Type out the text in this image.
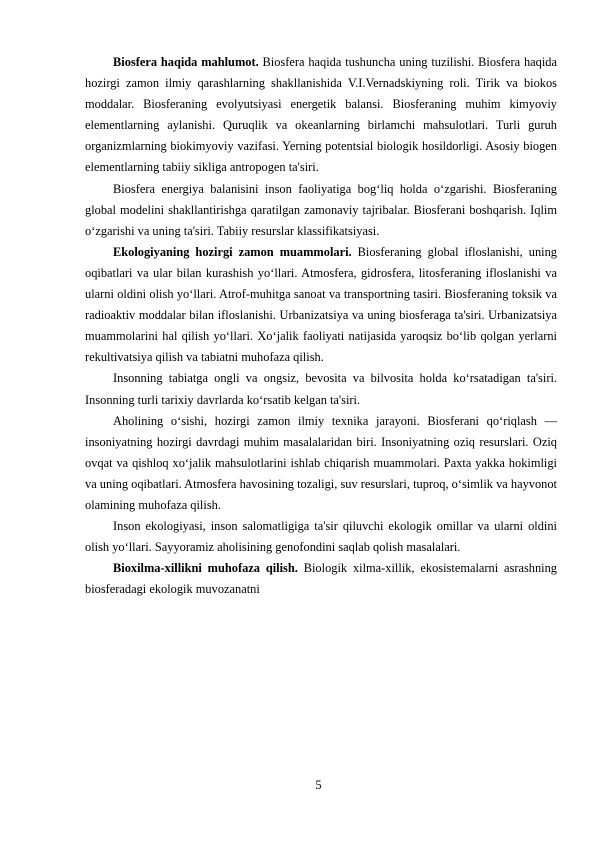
Biosfera haqida mahlumot. Biosfera haqida tushuncha uning tuzilishi. Biosfera haqida hozirgi zamon ilmiy qarashlarning shakllanishida V.I.Vernadskiyning roli. Tirik va biokos moddalar. Biosferaning evolyutsiyasi energetik balansi. Biosferaning muhim kimyoviy elementlarning aylanishi. Quruqlik va okeanlarning birlamchi mahsulotlari. Turli guruh organizmlarning biokimyoviy vazifasi. Yerning potentsial biologik hosildorligi. Asosiy biogen elementlarning tabiiy sikliga antropogen ta'siri.

Biosfera energiya balanisini inson faoliyatiga bog‘liq holda o‘zgarishi. Biosferaning global modelini shakllantirishga qaratilgan zamonaviy tajribalar. Biosferani boshqarish. Iqlim o‘zgarishi va uning ta'siri. Tabiiy resurslar klassifikatsiyasi.

Ekologiyaning hozirgi zamon muammolari. Biosferaning global ifloslanishi, uning oqibatlari va ular bilan kurashish yo‘llari. Atmosfera, gidrosfera, litosferaning ifloslanishi va ularni oldini olish yo‘llari. Atrof-muhitga sanoat va transportning tasiri. Biosferaning toksik va radioaktiv moddalar bilan ifloslanishi. Urbanizatsiya va uning biosferaga ta'siri. Urbanizatsiya muammolarini hal qilish yo‘llari. Xo‘jalik faoliyati natijasida yaroqsiz bo‘lib qolgan yerlarni rekultivatsiya qilish va tabiatni muhofaza qilish.

Insonning tabiatga ongli va ongsiz, bevosita va bilvosita holda ko‘rsatadigan ta'siri. Insonning turli tarixiy davrlarda ko‘rsatib kelgan ta'siri.

Aholining o‘sishi, hozirgi zamon ilmiy texnika jarayoni. Biosferani qo‘riqlash — insoniyatning hozirgi davrdagi muhim masalalaridan biri. Insoniyatning oziq resurslari. Oziq ovqat va qishloq xo‘jalik mahsulotlarini ishlab chiqarish muammolari. Paxta yakka hokimligi va uning oqibatlari. Atmosfera havosining tozaligi, suv resurslari, tuproq, o‘simlik va hayvonot olamining muhofaza qilish.

Inson ekologiyasi, inson salomatligiga ta'sir qiluvchi ekologik omillar va ularni oldini olish yo‘llari. Sayyoramiz aholisining genofondini saqlab qolish masalalari.

Bioxilma-xillikni muhofaza qilish. Biologik xilma-xillik, ekosistemalarni asrashning biosferadagi ekologik muvozanatni

5
